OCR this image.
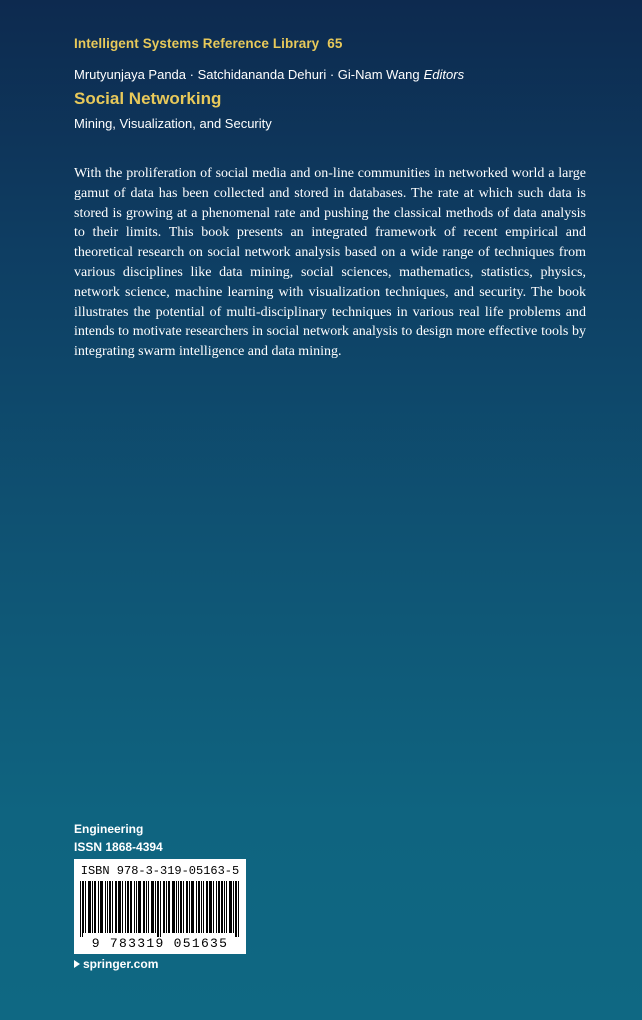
Intelligent Systems Reference Library 65
Mrutyunjaya Panda · Satchidananda Dehuri · Gi-Nam Wang Editors
Social Networking
Mining, Visualization, and Security

With the proliferation of social media and on-line communities in networked world a large gamut of data has been collected and stored in databases. The rate at which such data is stored is growing at a phenomenal rate and pushing the classical methods of data analysis to their limits. This book presents an integrated framework of recent empirical and theoretical research on social network analysis based on a wide range of techniques from various disciplines like data mining, social sciences, mathematics, statistics, physics, network science, machine learning with visualization techniques, and security. The book illustrates the potential of multi-disciplinary techniques in various real life problems and intends to motivate researchers in social network analysis to design more effective tools by integrating swarm intelligence and data mining.

Engineering
ISSN 1868-4394
ISBN 978-3-319-05163-5
9 783319 051635
springer.com
